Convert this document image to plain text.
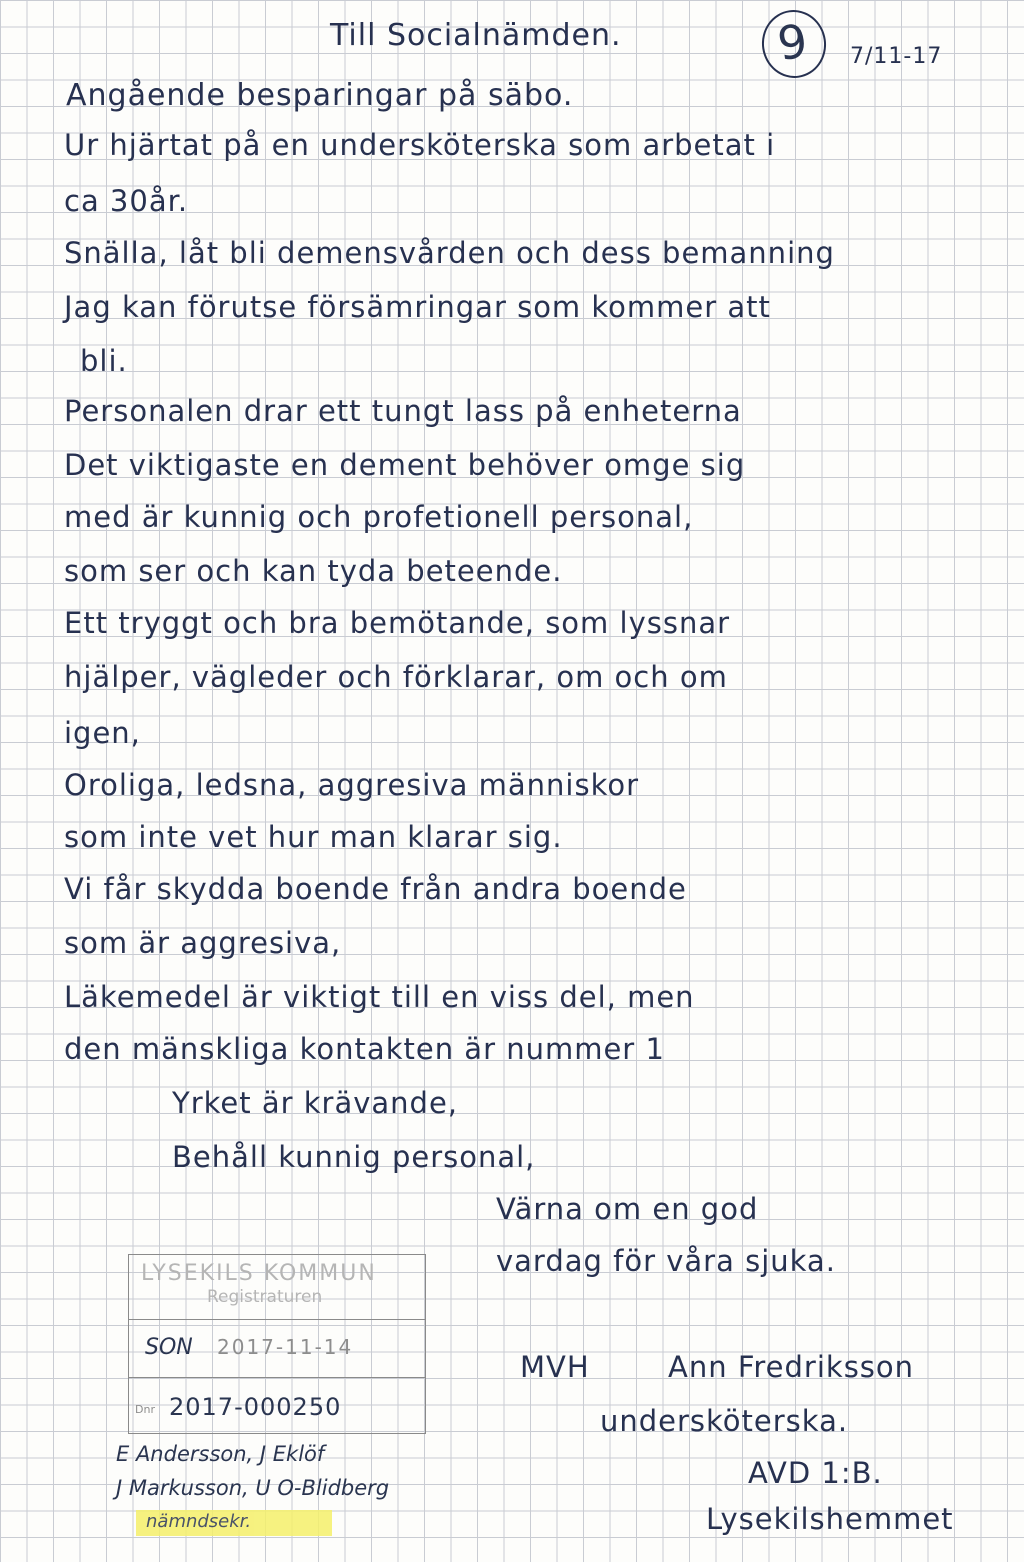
Till Socialnämden.	9 7/11-17
Angående besparingar på säbo.
Ur hjärtat på en undersköterska som arbetat i
ca 30år.
Snälla, låt bli demensvården och dess bemanning
Jag kan förutse försämringar som kommer att
bli.
Personalen drar ett tungt lass på enheterna
Det viktigaste en dement behöver omge sig
med är kunnig och profetionell personal,
som ser och kan tyda beteende.
Ett tryggt och bra bemötande, som lyssnar
hjälper, vägleder och förklarar, om och om
igen,
Oroliga, ledsna, aggresiva människor
som inte vet hur man klarar sig.
Vi får skydda boende från andra boende
som är aggresiva,
Läkemedel är viktigt till en viss del, men
den mänskliga kontakten är nummer 1
Yrket är krävande,
Behåll kunnig personal,
Värna om en god
vardag för våra sjuka.
MVH	Ann Fredriksson
undersköterska.
AVD 1:B.
Lysekilshemmet
LYSEKILS KOMMUN
Registraturen
SON 2017-11-14
Dnr 2017-000250
E Andersson, J Eklöf
J Markusson, U O-Blidberg
nämndsekr.
